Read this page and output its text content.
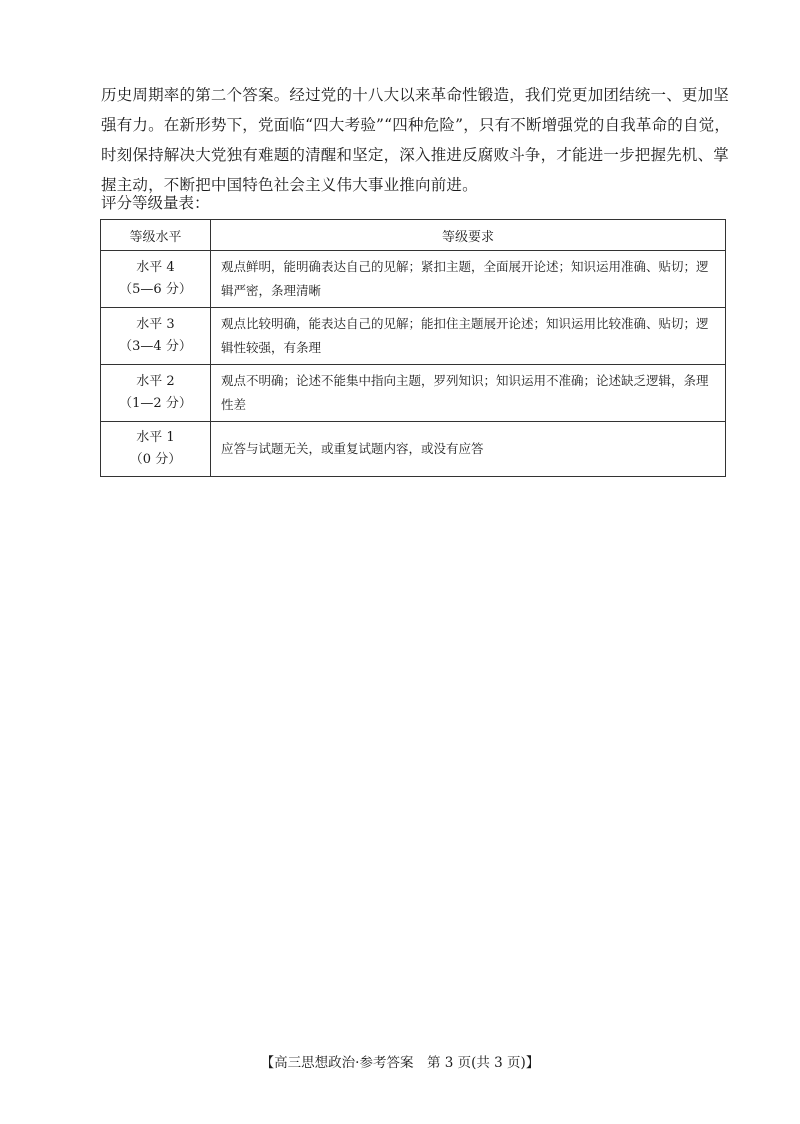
历史周期率的第二个答案。经过党的十八大以来革命性锻造，我们党更加团结统一、更加坚
强有力。在新形势下，党面临“四大考验”“四种危险”，只有不断增强党的自我革命的自觉，
时刻保持解决大党独有难题的清醒和坚定，深入推进反腐败斗争，才能进一步把握先机、掌
握主动，不断把中国特色社会主义伟大事业推向前进。
评分等级量表：
等级水平	等级要求

水平 4
（5—6 分）	观点鲜明，能明确表达自己的见解；紧扣主题，全面展开论述；知识运用准确、贴切；逻辑严密，条理清晰

水平 3
（3—4 分）	观点比较明确，能表达自己的见解；能扣住主题展开论述；知识运用比较准确、贴切；逻辑性较强，有条理

水平 2
（1—2 分）	观点不明确；论述不能集中指向主题，罗列知识；知识运用不准确；论述缺乏逻辑，条理性差

水平 1
（0 分）	应答与试题无关，或重复试题内容，或没有应答
【高三思想政治·参考答案　第 3 页(共 3 页)】
